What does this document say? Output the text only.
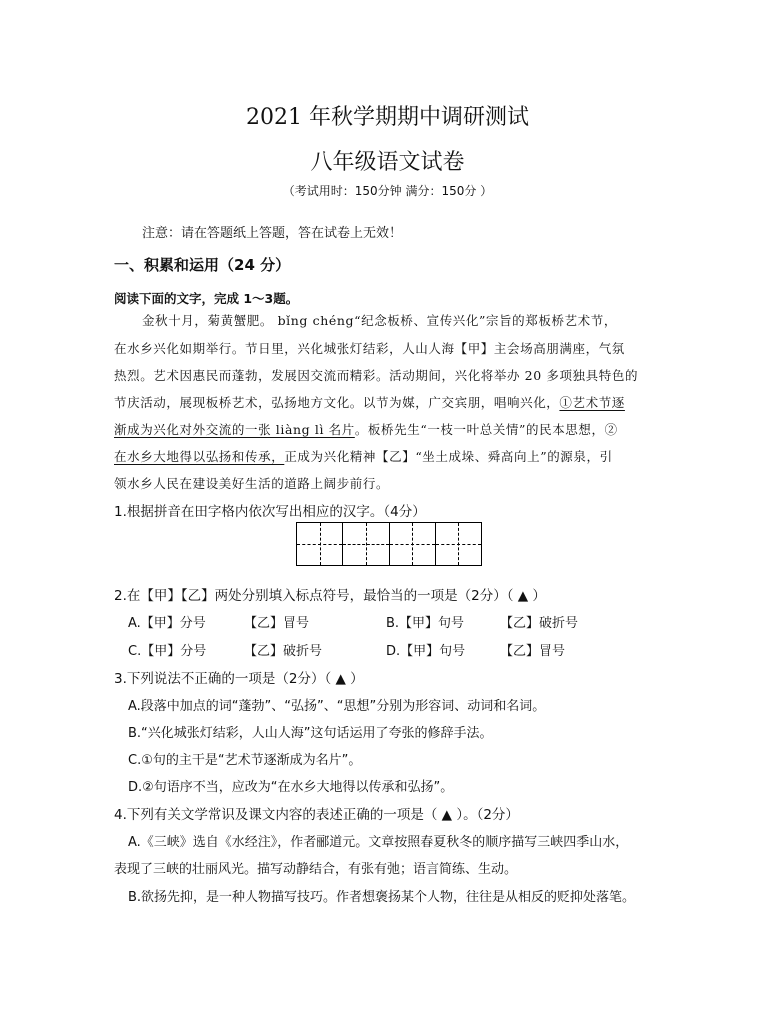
2021 年秋学期期中调研测试
八年级语文试卷
（考试用时：150分钟 满分：150分 ）
注意：请在答题纸上答题，答在试卷上无效！
一、积累和运用（24 分）
阅读下面的文字，完成 1～3题。
金秋十月，菊黄蟹肥。 bǐng chéng“纪念板桥、宣传兴化”宗旨的郑板桥艺术节，
在水乡兴化如期举行。节日里，兴化城张灯结彩，人山人海【甲】主会场高朋满座，气氛
热烈。艺术因惠民而蓬勃，发展因交流而精彩。活动期间，兴化将举办 20 多项独具特色的
节庆活动，展现板桥艺术，弘扬地方文化。以节为媒，广交宾朋，唱响兴化，①艺术节逐
渐成为兴化对外交流的一张 liàng lì 名片。板桥先生“一枝一叶总关情”的民本思想，②
在水乡大地得以弘扬和传承，正成为兴化精神【乙】“坐土成垛、舜高向上”的源泉，引
领水乡人民在建设美好生活的道路上阔步前行。
1.根据拼音在田字格内依次写出相应的汉字。（4分）
2.在【甲】【乙】两处分别填入标点符号，最恰当的一项是（2分）（ ▲ ）
A.【甲】分号	【乙】冒号	B.【甲】句号	【乙】破折号
C.【甲】分号	【乙】破折号	D.【甲】句号	【乙】冒号
3.下列说法不正确的一项是（2分）（ ▲ ）
A.段落中加点的词“蓬勃”、“弘扬”、“思想”分别为形容词、动词和名词。
B.“兴化城张灯结彩，人山人海”这句话运用了夸张的修辞手法。
C.①句的主干是“艺术节逐渐成为名片”。
D.②句语序不当，应改为“在水乡大地得以传承和弘扬”。
4.下列有关文学常识及课文内容的表述正确的一项是（ ▲ ）。（2分）
A.《三峡》选自《水经注》，作者郦道元。文章按照春夏秋冬的顺序描写三峡四季山水，
表现了三峡的壮丽风光。描写动静结合，有张有弛；语言简练、生动。
B.欲扬先抑，是一种人物描写技巧。作者想褒扬某个人物，往往是从相反的贬抑处落笔。
